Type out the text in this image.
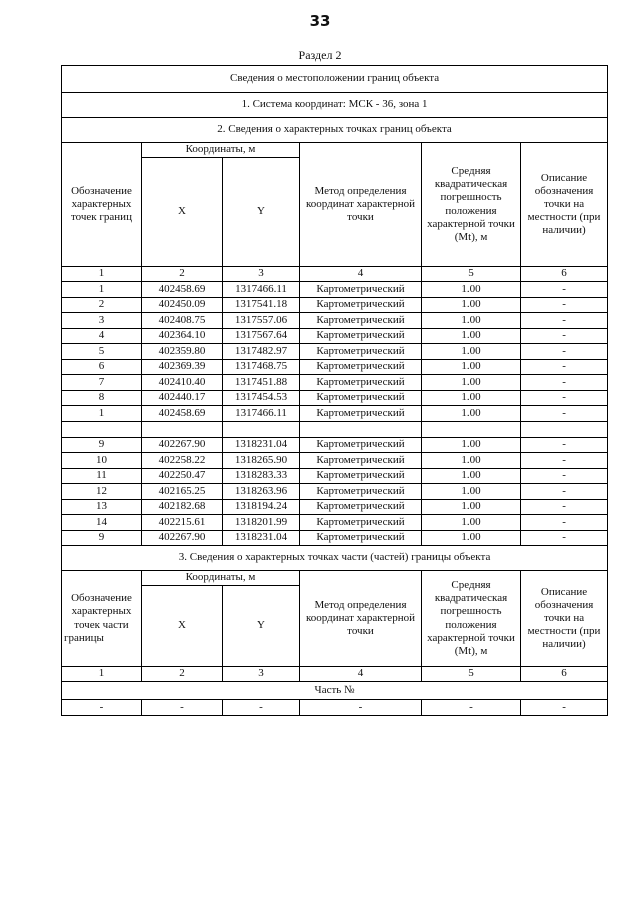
33
Раздел 2
Сведения о местоположении границ объекта					
1. Система координат: МСК - 36, зона 1					
2. Сведения о характерных точках границ объекта					
Обозначение характерных точек границ	Координаты, м		Метод определения координат характерной точки	Средняя квадратическая погрешность положения характерной точки (Mt), м	Описание обозначения точки на местности (при наличии)
	X	Y			
1	2	3	4	5	6
1	402458.69	1317466.11	Картометрический	1.00	-
2	402450.09	1317541.18	Картометрический	1.00	-
3	402408.75	1317557.06	Картометрический	1.00	-
4	402364.10	1317567.64	Картометрический	1.00	-
5	402359.80	1317482.97	Картометрический	1.00	-
6	402369.39	1317468.75	Картометрический	1.00	-
7	402410.40	1317451.88	Картометрический	1.00	-
8	402440.17	1317454.53	Картометрический	1.00	-
1	402458.69	1317466.11	Картометрический	1.00	-

9	402267.90	1318231.04	Картометрический	1.00	-
10	402258.22	1318265.90	Картометрический	1.00	-
11	402250.47	1318283.33	Картометрический	1.00	-
12	402165.25	1318263.96	Картометрический	1.00	-
13	402182.68	1318194.24	Картометрический	1.00	-
14	402215.61	1318201.99	Картометрический	1.00	-
9	402267.90	1318231.04	Картометрический	1.00	-
3. Сведения о характерных точках части (частей) границы объекта					
Обозначение характерных точек части границы	Координаты, м		Метод определения координат характерной точки	Средняя квадратическая погрешность положения характерной точки (Mt), м	Описание обозначения точки на местности (при наличии)
	X	Y			
1	2	3	4	5	6
Часть №					
-	-	-	-	-	-
